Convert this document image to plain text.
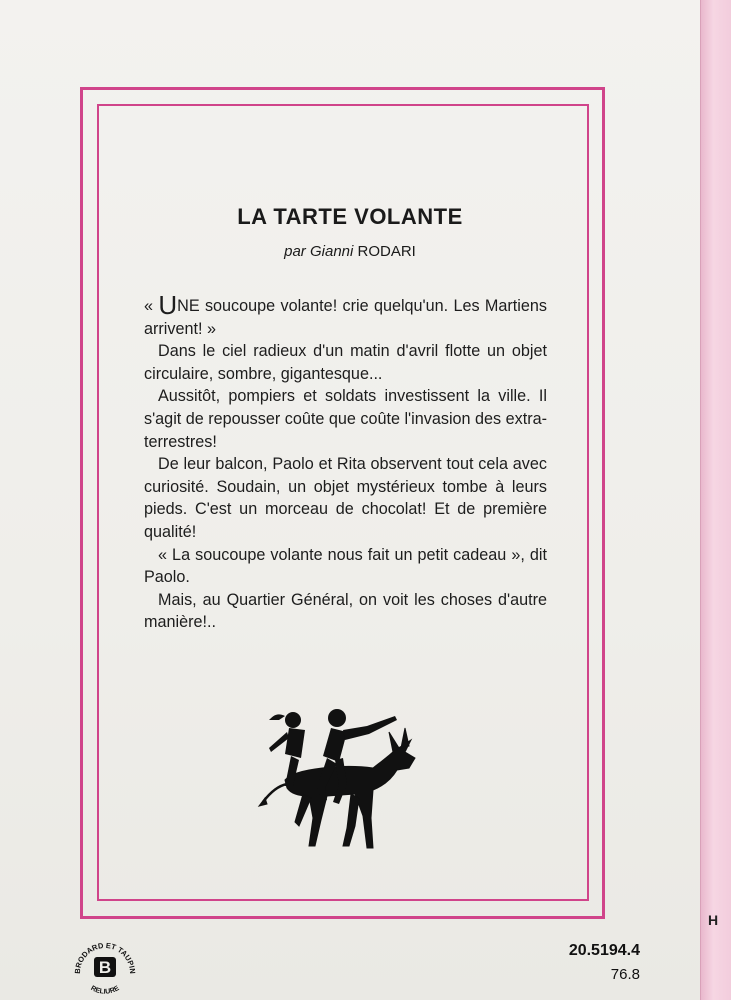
H
LA TARTE VOLANTE
par Gianni RODARI

« UNE soucoupe volante! crie quelqu'un. Les Martiens arrivent! »

Dans le ciel radieux d'un matin d'avril flotte un objet circulaire, sombre, gigantesque...

Aussitôt, pompiers et soldats investissent la ville. Il s'agit de repousser coûte que coûte l'invasion des extra-terrestres!

De leur balcon, Paolo et Rita observent tout cela avec curiosité. Soudain, un objet mystérieux tombe à leurs pieds. C'est un morceau de chocolat! Et de première qualité!

« La soucoupe volante nous fait un petit cadeau », dit Paolo.

Mais, au Quartier Général, on voit les choses d'autre manière!..

BRODARD ET TAUPIN
RELIURE
B
20.5194.4
76.8
